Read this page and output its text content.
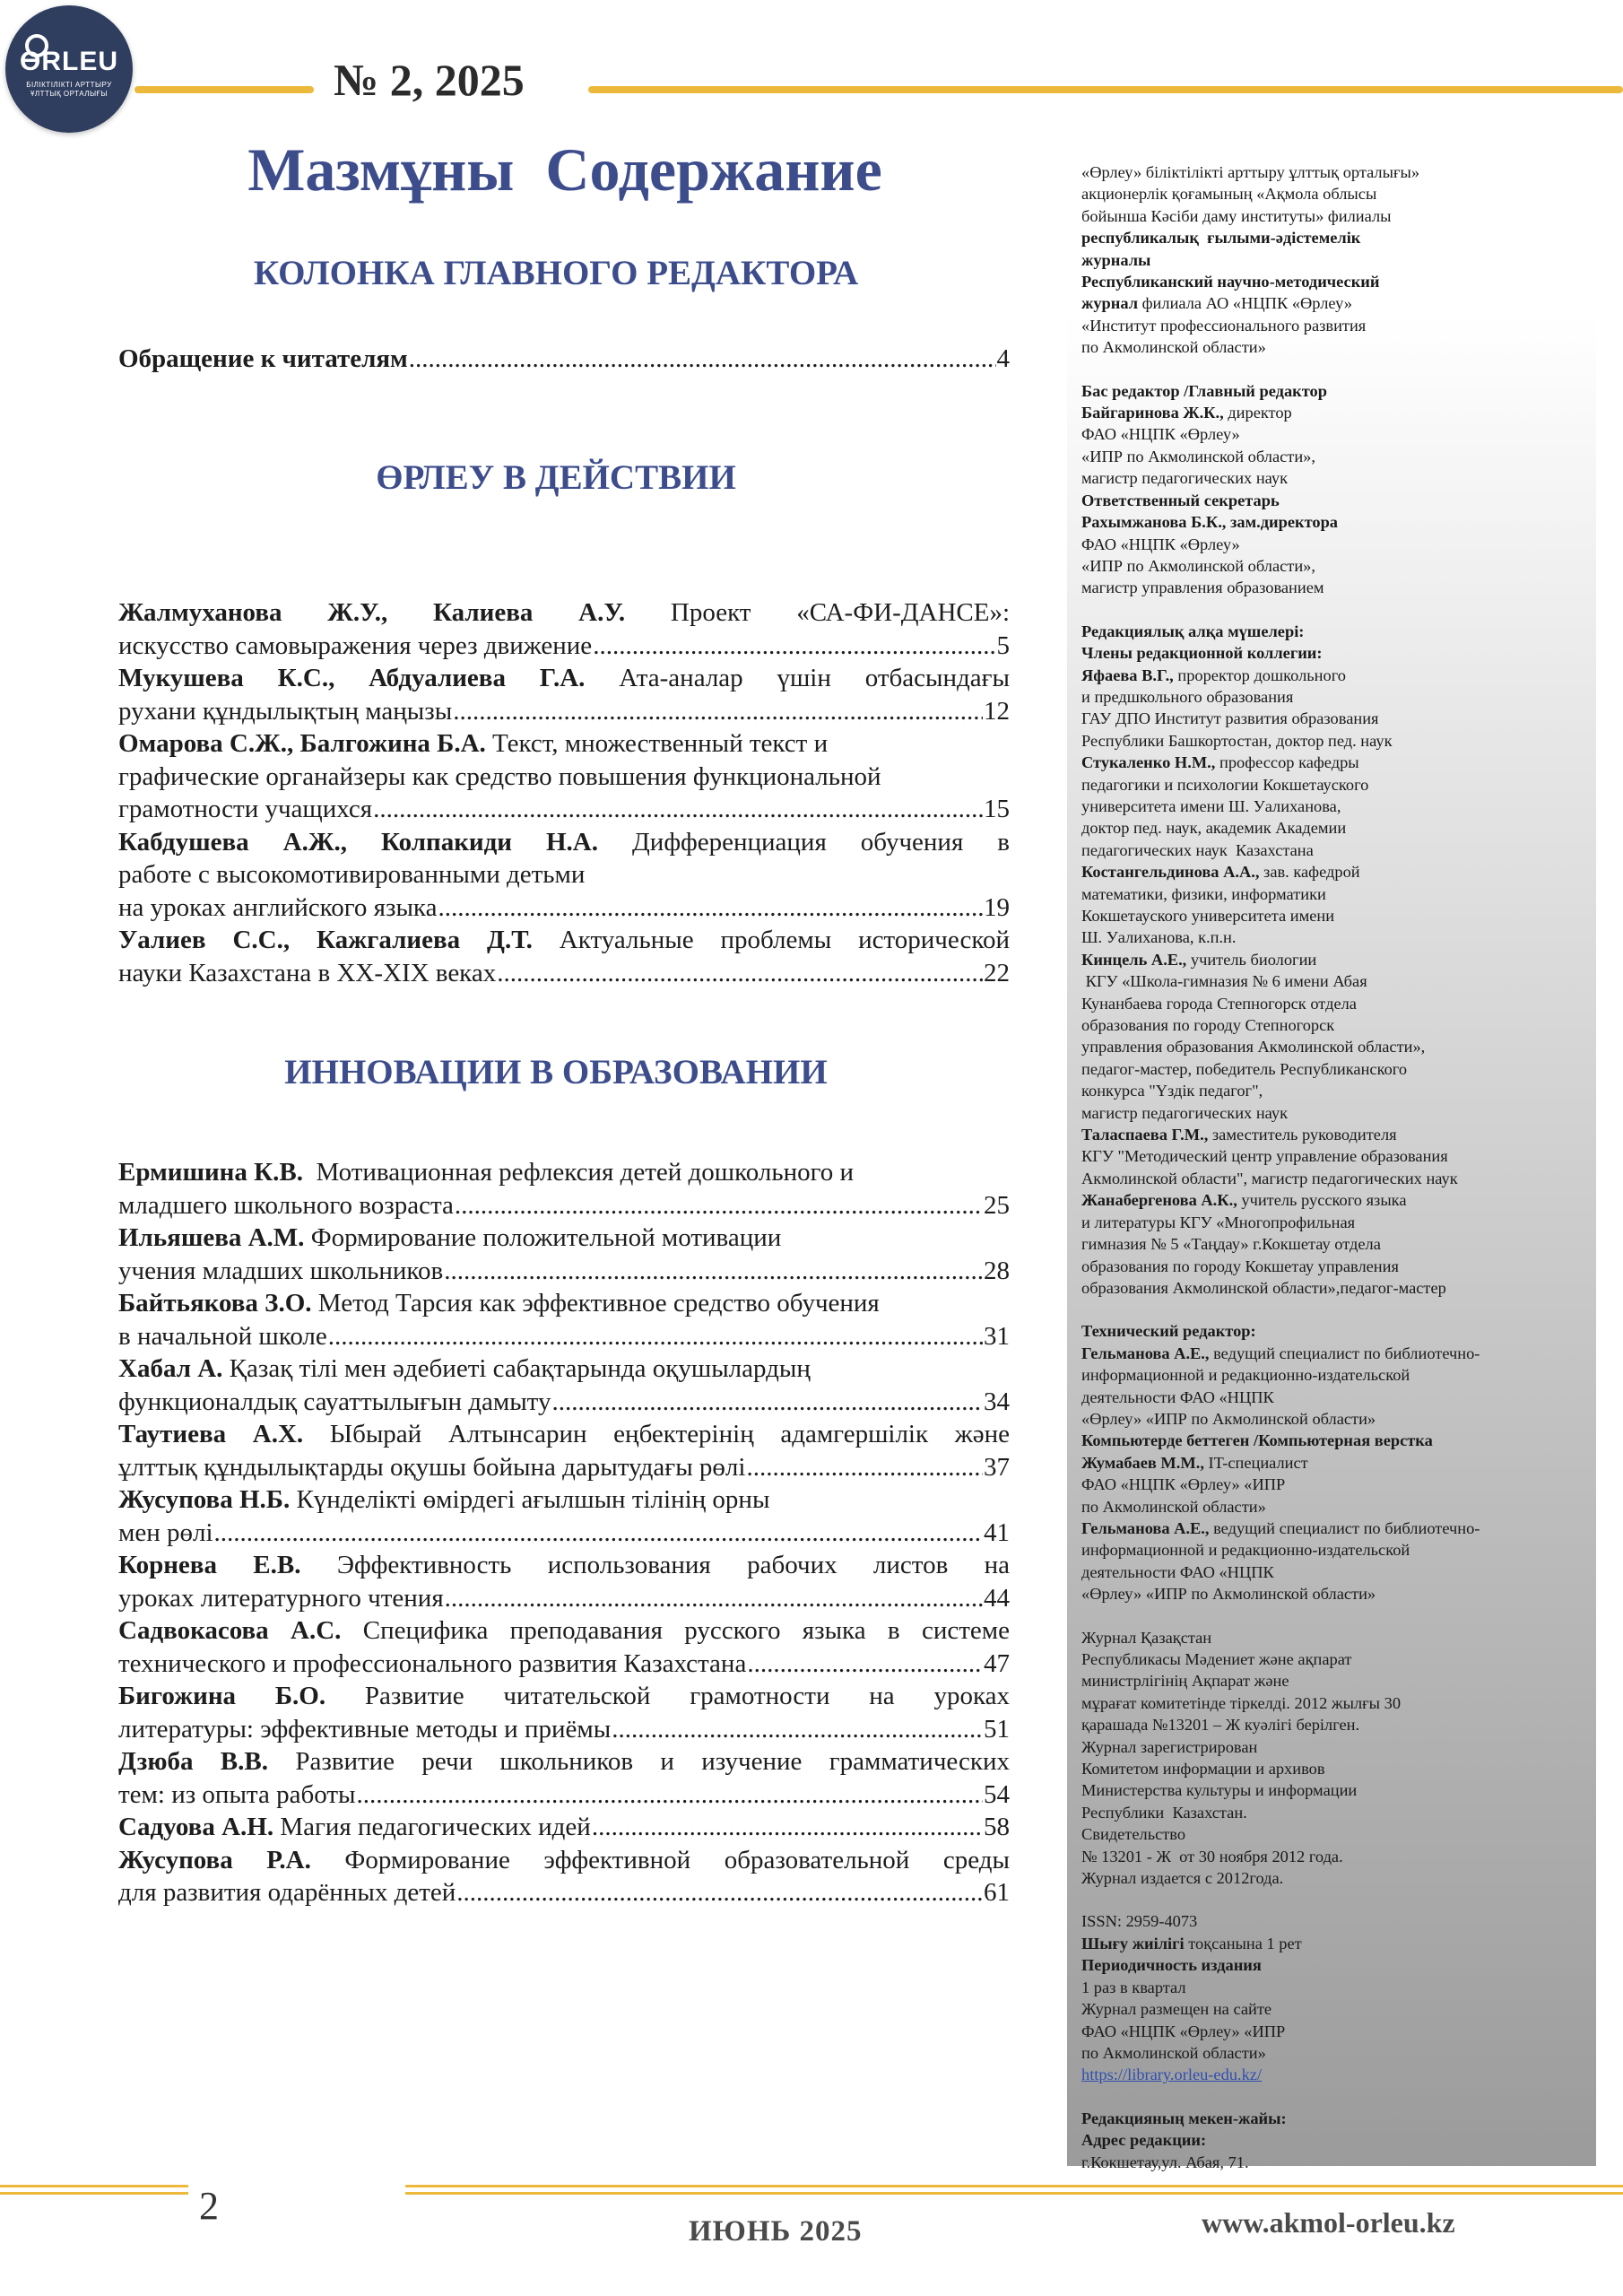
ӨRLEU
БІЛІКТІЛІКТІ АРТТЫРУ ҰЛТТЫҚ ОРТАЛЫҒЫ	№ 2, 2025
Мазмұны Содержание
КОЛОНКА ГЛАВНОГО РЕДАКТОРА
Обращение к читателям .....	4
ӨРЛЕУ В ДЕЙСТВИИ
Жалмуханова Ж.У., Калиева А.У. Проект «СА-ФИ-ДАНСЕ»:
искусство самовыражения через движение .....	5
Мукушева К.С., Абдуалиева Г.А. Ата-аналар үшін отбасындағы
рухани құндылықтың маңызы .....	12
Омарова С.Ж., Балгожина Б.А. Текст, множественный текст и
графические органайзеры как средство повышения функциональной
грамотности учащихся .....	15
Кабдушева А.Ж., Колпакиди Н.А. Дифференциация обучения в
работе с высокомотивированными детьми
на уроках английского языка .....	19
Уалиев С.С., Кажгалиева Д.Т. Актуальные проблемы исторической
науки Казахстана в XX-XIX веках .....	22
ИННОВАЦИИ В ОБРАЗОВАНИИ
Ермишина К.В.  Мотивационная рефлексия детей дошкольного и
младшего школьного возраста .....	25
Ильяшева А.М. Формирование положительной мотивации
учения младших школьников .....	28
Байтьякова З.О. Метод Тарсия как эффективное средство обучения
в начальной школе .....	31
Хабал А. Қазақ тілі мен әдебиеті сабақтарында оқушылардың
функционалдық сауаттылығын дамыту .....	34
Таутиева А.Х. Ыбырай Алтынсарин еңбектерінің адамгершілік және
ұлттық құндылықтарды оқушы бойына дарытудағы рөлі .....	37
Жусупова Н.Б. Күнделікті өмірдегі ағылшын тілінің орны
мен рөлі .....	41
Корнева Е.В. Эффективность использования рабочих листов на
уроках литературного чтения .....	44
Садвокасова А.С. Специфика преподавания русского языка в системе
технического и профессионального развития Казахстана .....	47
Бигожина Б.О. Развитие читательской грамотности на уроках
литературы: эффективные методы и приёмы .....	51
Дзюба В.В. Развитие речи школьников и изучение грамматических
тем: из опыта работы .....	54
Садуова А.Н. Магия педагогических идей .....	58
Жусупова Р.А. Формирование эффективной образовательной среды
для развития одарённых детей .....	61
«Өрлеу» біліктілікті арттыру ұлттық орталығы»
акционерлік қоғамының «Ақмола облысы
бойынша Кәсіби даму институты» филиалы
республикалық  ғылыми-әдістемелік
журналы
Республиканский научно-методический
журнал филиала АО «НЦПК «Өрлеу»
«Институт профессионального развития
по Акмолинской области»
Бас редактор /Главный редактор
Байгаринова Ж.К., директор
ФАО «НЦПК «Өрлеу»
«ИПР по Акмолинской области»,
магистр педагогических наук
Ответственный секретарь
Рахымжанова Б.К., зам.директора
ФАО «НЦПК «Өрлеу»
«ИПР по Акмолинской области»,
магистр управления образованием
Редакциялық алқа мүшелері:
Члены редакционной коллегии:
Яфаева В.Г., проректор дошкольного
и предшкольного образования
ГАУ ДПО Институт развития образования
Республики Башкортостан, доктор пед. наук
Стукаленко Н.М., профессор кафедры
педагогики и психологии Кокшетауского
университета имени Ш. Уалиханова,
доктор пед. наук, академик Академии
педагогических наук  Казахстана
Костангельдинова А.А., зав. кафедрой
математики, физики, информатики
Кокшетауского университета имени
Ш. Уалиханова, к.п.н.
Кинцель А.Е., учитель биологии
КГУ «Школа-гимназия № 6 имени Абая
Кунанбаева города Степногорск отдела
образования по городу Степногорск
управления образования Акмолинской области»,
педагог-мастер, победитель Республиканского
конкурса "Үздік педагог",
магистр педагогических наук
Таласпаева Г.М., заместитель руководителя
КГУ "Методический центр управление образования
Акмолинской области", магистр педагогических наук
Жанабергенова А.К., учитель русского языка
и литературы КГУ «Многопрофильная
гимназия № 5 «Таңдау» г.Кокшетау отдела
образования по городу Кокшетау управления
образования Акмолинской области»,педагог-мастер
Технический редактор:
Гельманова А.Е., ведущий специалист по библиотечно-
информационной и редакционно-издательской
деятельности ФАО «НЦПК
«Өрлеу» «ИПР по Акмолинской области»
Компьютерде беттеген /Компьютерная верстка
Жумабаев М.М., IT-специалист
ФАО «НЦПК «Өрлеу» «ИПР
по Акмолинской области»
Гельманова А.Е., ведущий специалист по библиотечно-
информационной и редакционно-издательской
деятельности ФАО «НЦПК
«Өрлеу» «ИПР по Акмолинской области»
Журнал Қазақстан
Республикасы Мәдениет және ақпарат
министрлігінің Ақпарат және
мұрағат комитетінде тіркелді. 2012 жылғы 30
қарашада №13201 – Ж куәлігі берілген.
Журнал зарегистрирован
Комитетом информации и архивов
Министерства культуры и информации
Республики  Казахстан.
Свидетельство
№ 13201 - Ж  от 30 ноября 2012 года.
Журнал издается с 2012года.
ISSN: 2959-4073
Шығу жиілігі тоқсанына 1 рет
Периодичность издания
1 раз в квартал
Журнал размещен на сайте
ФАО «НЦПК «Өрлеу» «ИПР
по Акмолинской области»
https://library.orleu-edu.kz/
Редакцияның мекен-жайы:
Адрес редакции:
г.Кокшетау,ул. Абая, 71.
2
ИЮНЬ 2025	www.akmol-orleu.kz
